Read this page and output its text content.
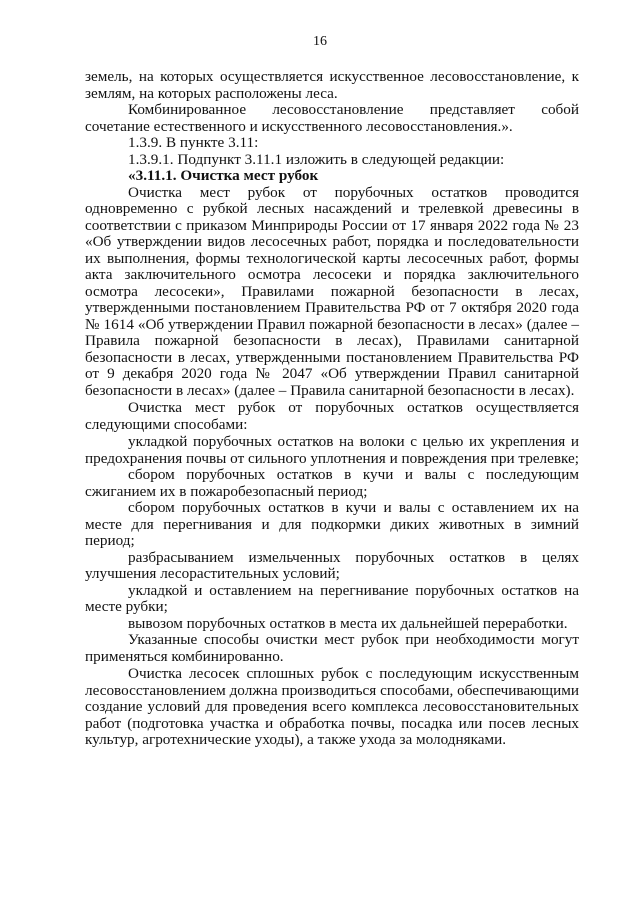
16

земель, на которых осуществляется искусственное лесовосстановление, к землям, на которых расположены леса.

Комбинированное лесовосстановление представляет собой сочетание естественного и искусственного лесовосстановления.».

1.3.9. В пункте 3.11:

1.3.9.1. Подпункт 3.11.1 изложить в следующей редакции:

«3.11.1. Очистка мест рубок

Очистка мест рубок от порубочных остатков проводится одновременно с рубкой лесных насаждений и трелевкой древесины в соответствии с приказом Минприроды России от 17 января 2022 года № 23 «Об утверждении видов лесосечных работ, порядка и последовательности их выполнения, формы технологической карты лесосечных работ, формы акта заключительного осмотра лесосеки и порядка заключительного осмотра лесосеки», Правилами пожарной безопасности в лесах, утвержденными постановлением Правительства РФ от 7 октября 2020 года № 1614 «Об утверждении Правил пожарной безопасности в лесах» (далее – Правила пожарной безопасности в лесах), Правилами санитарной безопасности в лесах, утвержденными постановлением Правительства РФ от 9 декабря 2020 года № 2047 «Об утверждении Правил санитарной безопасности в лесах» (далее – Правила санитарной безопасности в лесах).

Очистка мест рубок от порубочных остатков осуществляется следующими способами:

укладкой порубочных остатков на волоки с целью их укрепления и предохранения почвы от сильного уплотнения и повреждения при трелевке;

сбором порубочных остатков в кучи и валы с последующим сжиганием их в пожаробезопасный период;

сбором порубочных остатков в кучи и валы с оставлением их на месте для перегнивания и для подкормки диких животных в зимний период;

разбрасыванием измельченных порубочных остатков в целях улучшения лесорастительных условий;

укладкой и оставлением на перегнивание порубочных остатков на месте рубки;

вывозом порубочных остатков в места их дальнейшей переработки.

Указанные способы очистки мест рубок при необходимости могут применяться комбинированно.

Очистка лесосек сплошных рубок с последующим искусственным лесовосстановлением должна производиться способами, обеспечивающими создание условий для проведения всего комплекса лесовосстановительных работ (подготовка участка и обработка почвы, посадка или посев лесных культур, агротехнические уходы), а также ухода за молодняками.
